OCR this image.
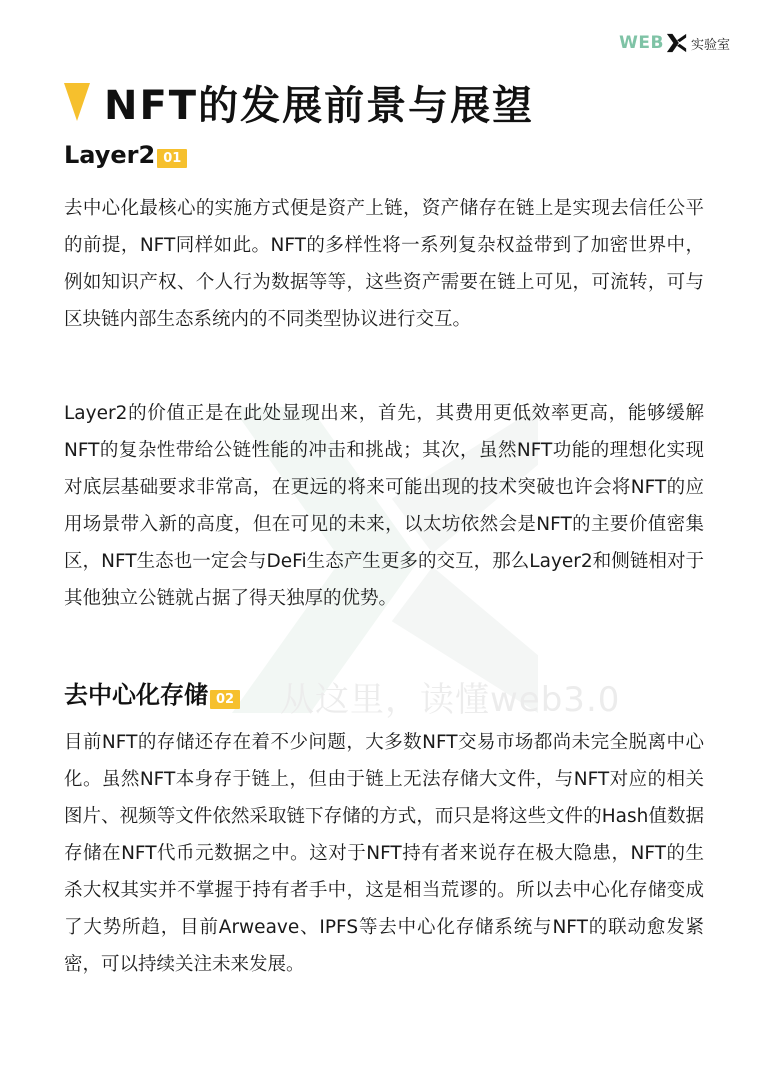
从这里，读懂web3.0
WEB 实验室
NFT的发展前景与展望
Layer2 01

去中心化最核心的实施方式便是资产上链，资产储存在链上是实现去信任公平的前提，NFT同样如此。NFT的多样性将一系列复杂权益带到了加密世界中，例如知识产权、个人行为数据等等，这些资产需要在链上可见，可流转，可与区块链内部生态系统内的不同类型协议进行交互。

Layer2的价值正是在此处显现出来，首先，其费用更低效率更高，能够缓解NFT的复杂性带给公链性能的冲击和挑战；其次，虽然NFT功能的理想化实现对底层基础要求非常高，在更远的将来可能出现的技术突破也许会将NFT的应用场景带入新的高度，但在可见的未来，以太坊依然会是NFT的主要价值密集区，NFT生态也一定会与DeFi生态产生更多的交互，那么Layer2和侧链相对于其他独立公链就占据了得天独厚的优势。

去中心化存储 02

目前NFT的存储还存在着不少问题，大多数NFT交易市场都尚未完全脱离中心化。虽然NFT本身存于链上，但由于链上无法存储大文件，与NFT对应的相关图片、视频等文件依然采取链下存储的方式，而只是将这些文件的Hash值数据存储在NFT代币元数据之中。这对于NFT持有者来说存在极大隐患，NFT的生杀大权其实并不掌握于持有者手中，这是相当荒谬的。所以去中心化存储变成了大势所趋，目前Arweave、IPFS等去中心化存储系统与NFT的联动愈发紧密，可以持续关注未来发展。
